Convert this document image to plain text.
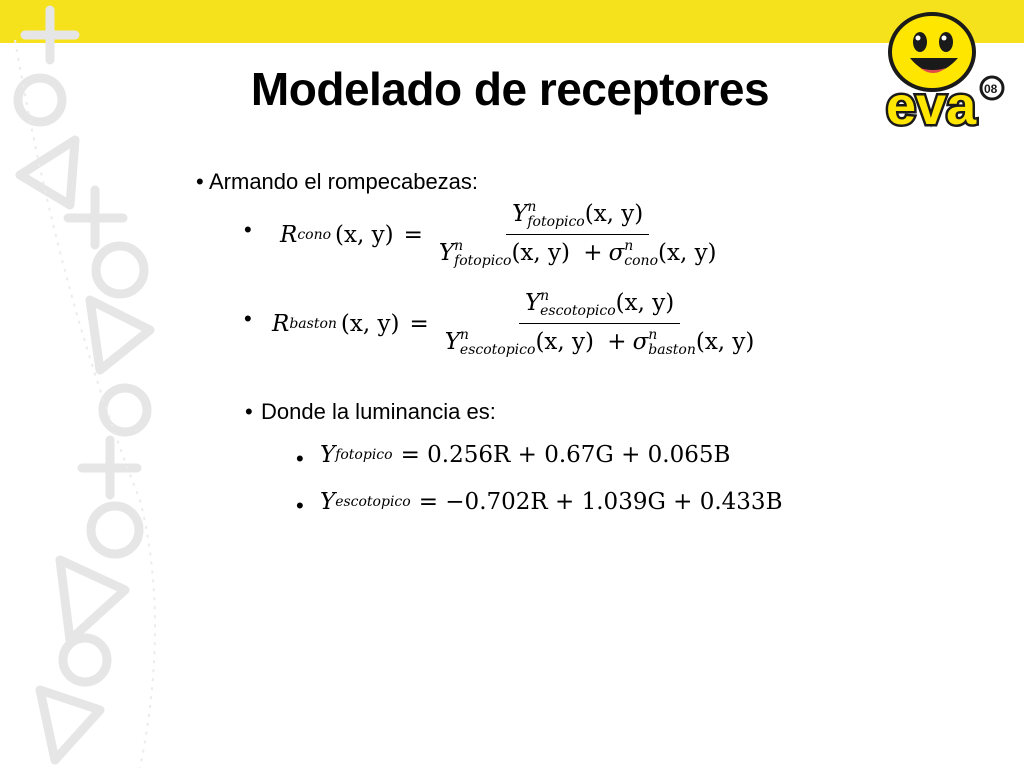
eva 08
Modelado de receptores
• Armando el rompecabezas:
• R cono (x, y) = Y n
fotopico (x, y)
Y n
fotopico (x, y) + σ n
cono (x, y)
• R baston (x, y) = Y n
escotopico (x, y)
Y n
escotopico (x, y) + σ n
baston (x, y)
• Donde la luminancia es:
• Y fotopico = 0.256R + 0.67G + 0.065B
• Y escotopico = −0.702R + 1.039G + 0.433B
